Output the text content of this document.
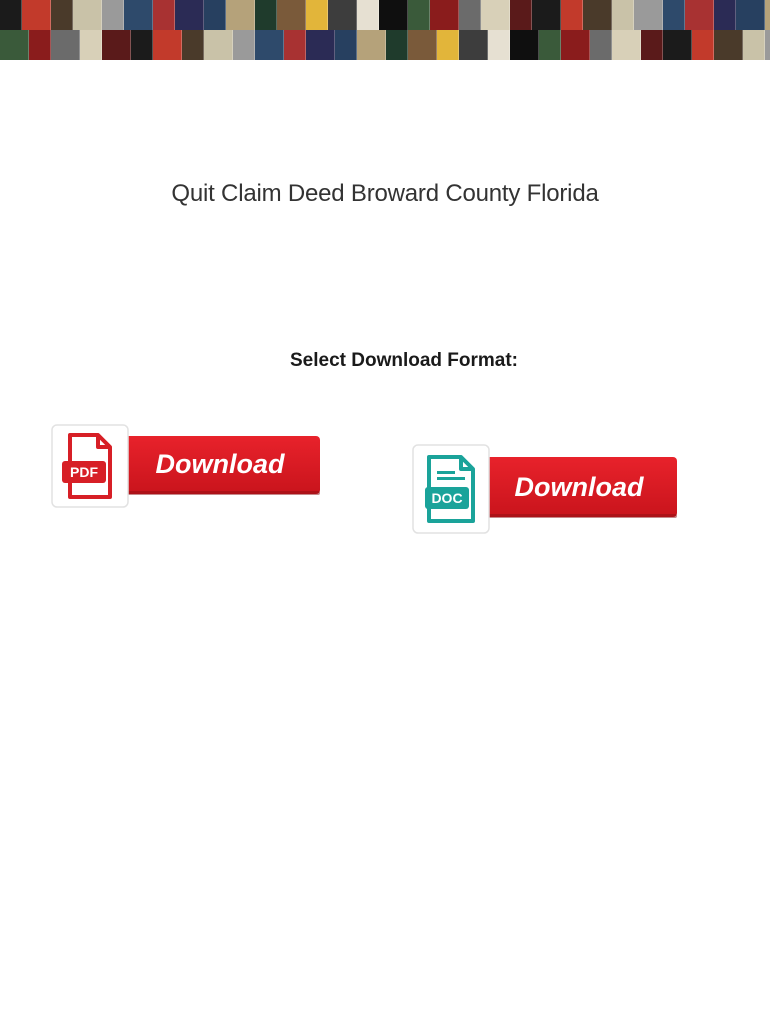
Quit Claim Deed Broward County Florida
Select Download Format:
Download
PDF	Download
DOC
